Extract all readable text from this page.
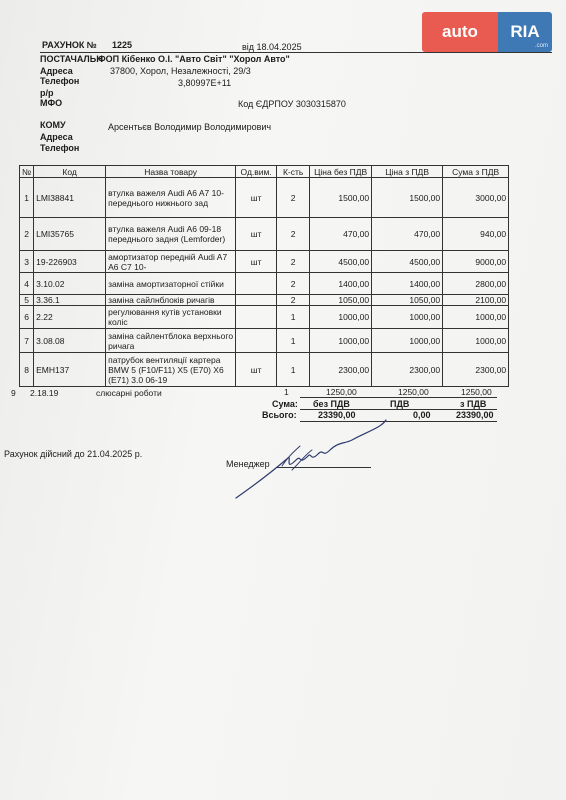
auto	RIA
.com
РАХУНОК № 1225	від 18.04.2025
ПОСТАЧАЛЬН
ФОП Кібенко О.І. "Авто Світ" "Хорол Авто"
Адреса	37800, Хорол, Незалежності, 29/3
Телефон	3,80997E+11
р/р
МФО	Код ЄДРПОУ 3030315870
КОМУ	Арсентьєв Володимир Володимирович
Адреса
Телефон
№	Код	Назва товару	Од.вим.	К-сть	Ціна без ПДВ	Ціна з ПДВ	Сума з ПДВ
1	LMI38841	втулка важеля Audi A6 A7 10- переднього нижнього зад	шт	2	1500,00	1500,00	3000,00
2	LMI35765	втулка важеля Audi A6 09-18 переднього задня (Lemforder)	шт	2	470,00	470,00	940,00
3	19-226903	амортизатор передній Audi A7 A6 C7 10-	шт	2	4500,00	4500,00	9000,00
4	3.10.02	заміна амортизаторної стійки		2	1400,00	1400,00	2800,00
5	3.36.1	заміна сайлнблоків ричагів		2	1050,00	1050,00	2100,00
6	2.22	регулювання кутів установки коліс		1	1000,00	1000,00	1000,00
7	3.08.08	заміна сайлентблока верхнього ричага		1	1000,00	1000,00	1000,00
8	EMH137	патрубок вентиляції картера BMW 5 (F10/F11) X5 (E70) X6 (E71) 3.0 06-19	шт	1	2300,00	2300,00	2300,00
9 2.18.19	слюсарні роботи	1	1250,00	1250,00	1250,00
Сума: без ПДВ	ПДВ	з ПДВ
Всього: 23390,00	0,00	23390,00
Рахунок дійсний до 21.04.2025 р.
Менеджер
